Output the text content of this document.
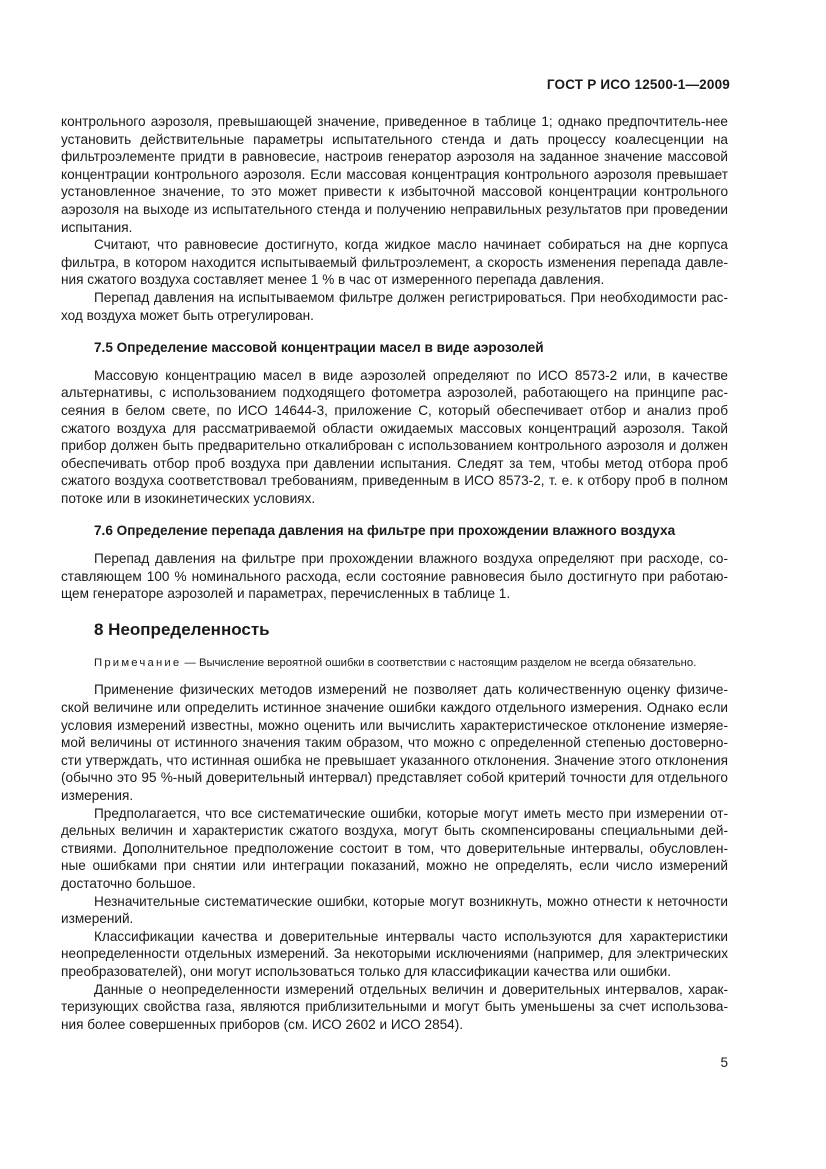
ГОСТ Р ИСО 12500-1—2009

контрольного аэрозоля, превышающей значение, приведенное в таблице 1; однако предпочтитель-нее установить действительные параметры испытательного стенда и дать процессу коалесценции на фильтроэлементе придти в равновесие, настроив генератор аэрозоля на заданное значение массовой концентрации контрольного аэрозоля. Если массовая концентрация контрольного аэрозоля превышает установленное значение, то это может привести к избыточной массовой концентрации контрольного аэрозоля на выходе из испытательного стенда и получению неправильных результатов при проведении испытания.

Считают, что равновесие достигнуто, когда жидкое масло начинает собираться на дне корпуса фильтра, в котором находится испытываемый фильтроэлемент, а скорость изменения перепада давле-ния сжатого воздуха составляет менее 1 % в час от измеренного перепада давления.

Перепад давления на испытываемом фильтре должен регистрироваться. При необходимости рас-ход воздуха может быть отрегулирован.

7.5 Определение массовой концентрации масел в виде аэрозолей

Массовую концентрацию масел в виде аэрозолей определяют по ИСО 8573-2 или, в качестве альтернативы, с использованием подходящего фотометра аэрозолей, работающего на принципе рас-сеяния в белом свете, по ИСО 14644-3, приложение С, который обеспечивает отбор и анализ проб сжатого воздуха для рассматриваемой области ожидаемых массовых концентраций аэрозоля. Такой прибор должен быть предварительно откалиброван с использованием контрольного аэрозоля и должен обеспечивать отбор проб воздуха при давлении испытания. Следят за тем, чтобы метод отбора проб сжатого воздуха соответствовал требованиям, приведенным в ИСО 8573-2, т. е. к отбору проб в полном потоке или в изокинетических условиях.

7.6 Определение перепада давления на фильтре при прохождении влажного воздуха

Перепад давления на фильтре при прохождении влажного воздуха определяют при расходе, со-ставляющем 100 % номинального расхода, если состояние равновесия было достигнуто при работаю-щем генераторе аэрозолей и параметрах, перечисленных в таблице 1.

8 Неопределенность
Примечание — Вычисление вероятной ошибки в соответствии с настоящим разделом не всегда обязательно.

Применение физических методов измерений не позволяет дать количественную оценку физиче-ской величине или определить истинное значение ошибки каждого отдельного измерения. Однако если условия измерений известны, можно оценить или вычислить характеристическое отклонение измеряе-мой величины от истинного значения таким образом, что можно с определенной степенью достоверно-сти утверждать, что истинная ошибка не превышает указанного отклонения. Значение этого отклонения (обычно это 95 %-ный доверительный интервал) представляет собой критерий точности для отдельного измерения.

Предполагается, что все систематические ошибки, которые могут иметь место при измерении от-дельных величин и характеристик сжатого воздуха, могут быть скомпенсированы специальными дей-ствиями. Дополнительное предположение состоит в том, что доверительные интервалы, обусловлен-ные ошибками при снятии или интеграции показаний, можно не определять, если число измерений достаточно большое.

Незначительные систематические ошибки, которые могут возникнуть, можно отнести к неточности измерений.

Классификации качества и доверительные интервалы часто используются для характеристики неопределенности отдельных измерений. За некоторыми исключениями (например, для электрических преобразователей), они могут использоваться только для классификации качества или ошибки.

Данные о неопределенности измерений отдельных величин и доверительных интервалов, харак-теризующих свойства газа, являются приблизительными и могут быть уменьшены за счет использова-ния более совершенных приборов (см. ИСО 2602 и ИСО 2854).

5
